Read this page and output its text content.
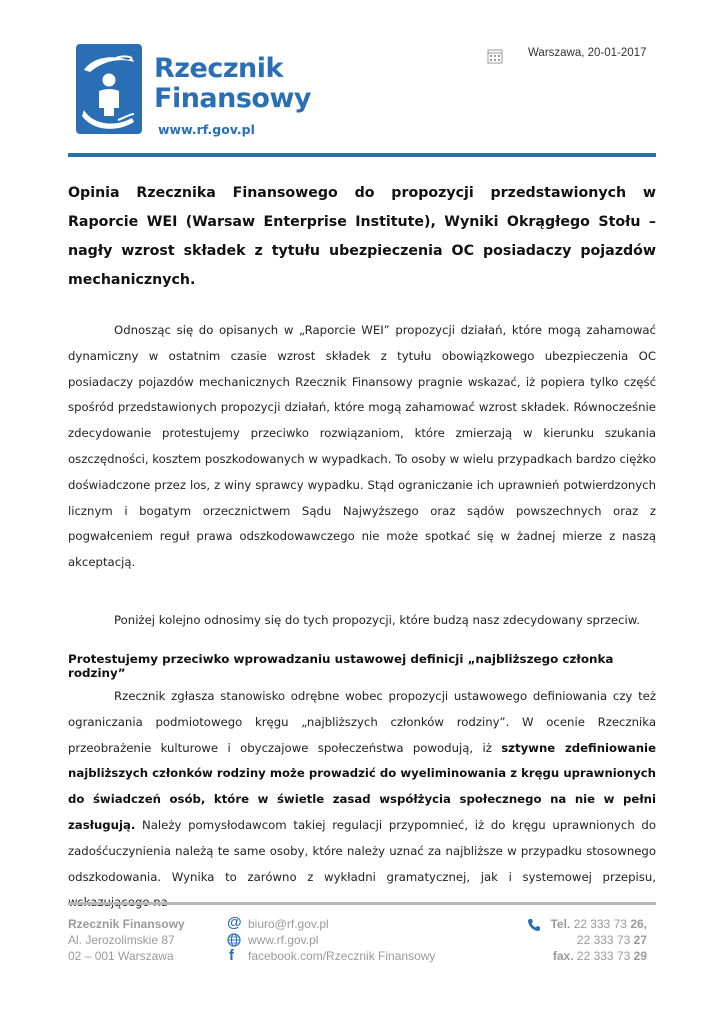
Rzecznik
Finansowy
www.rf.gov.pl
Warszawa, 20-01-2017
Opinia Rzecznika Finansowego do propozycji przedstawionych w Raporcie WEI (Warsaw Enterprise Institute), Wyniki Okrągłego Stołu – nagły wzrost składek z tytułu ubezpieczenia OC posiadaczy pojazdów mechanicznych.
Odnosząc się do opisanych w „Raporcie WEI” propozycji działań, które mogą zahamować dynamiczny w ostatnim czasie wzrost składek z tytułu obowiązkowego ubezpieczenia OC posiadaczy pojazdów mechanicznych Rzecznik Finansowy pragnie wskazać, iż popiera tylko część spośród przedstawionych propozycji działań, które mogą zahamować wzrost składek. Równocześnie zdecydowanie protestujemy przeciwko rozwiązaniom, które zmierzają w kierunku szukania oszczędności, kosztem poszkodowanych w wypadkach. To osoby w wielu przypadkach bardzo ciężko doświadczone przez los, z winy sprawcy wypadku. Stąd ograniczanie ich uprawnień potwierdzonych licznym i bogatym orzecznictwem Sądu Najwyższego oraz sądów powszechnych oraz z pogwałceniem reguł prawa odszkodowawczego nie może spotkać się w żadnej mierze z naszą akceptacją.
Poniżej kolejno odnosimy się do tych propozycji, które budzą nasz zdecydowany sprzeciw.
Protestujemy przeciwko wprowadzaniu ustawowej definicji „najbliższego członka rodziny”
Rzecznik zgłasza stanowisko odrębne wobec propozycji ustawowego definiowania czy też ograniczania podmiotowego kręgu „najbliższych członków rodziny”. W ocenie Rzecznika przeobrażenie kulturowe i obyczajowe społeczeństwa powodują, iż sztywne zdefiniowanie najbliższych członków rodziny może prowadzić do wyeliminowania z kręgu uprawnionych do świadczeń osób, które w świetle zasad współżycia społecznego na nie w pełni zasługują. Należy pomysłodawcom takiej regulacji przypomnieć, iż do kręgu uprawnionych do zadośćuczynienia należą te same osoby, które należy uznać za najbliższe w przypadku stosownego odszkodowania. Wynika to zarówno z wykładni gramatycznej, jak i systemowej przepisu,
Rzecznik Finansowy
Al. Jerozolimskie 87
02 – 001 Warszawa
@
f
biuro@rf.gov.pl
www.rf.gov.pl
facebook.com/Rzecznik Finansowy
Tel. 22 333 73 26,
22 333 73 27
fax. 22 333 73 29
